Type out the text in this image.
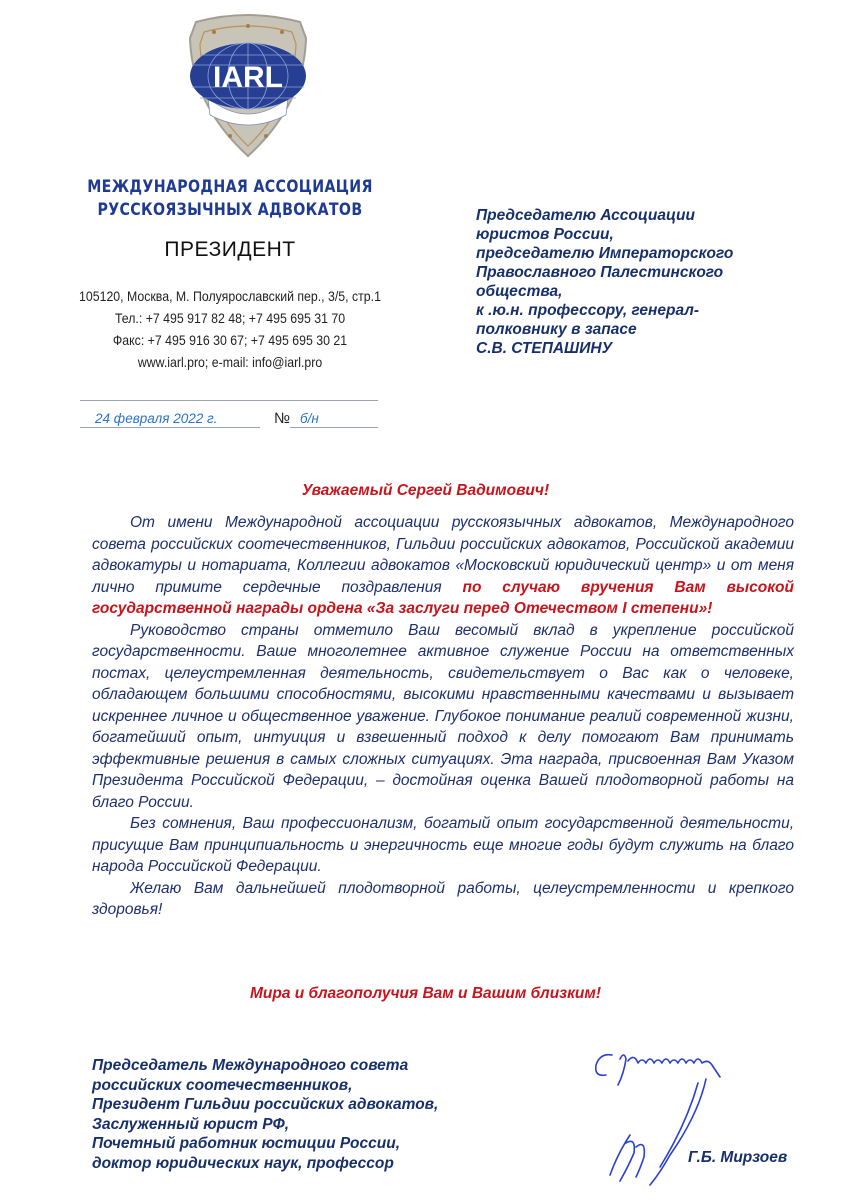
IARL
МЕЖДУНАРОДНАЯ АССОЦИАЦИЯ
РУССКОЯЗЫЧНЫХ АДВОКАТОВ
ПРЕЗИДЕНТ
105120, Москва, М. Полуярославский пер., 3/5, стр.1
Тел.: +7 495 917 82 48; +7 495 695 31 70
Факс: +7 495 916 30 67; +7 495 695 30 21
www.iarl.pro; e-mail: info@iarl.pro
24 февраля 2022 г.	№ б/н
Председателю Ассоциации
юристов России,
председателю Императорского
Православного Палестинского
общества,
к .ю.н. профессору, генерал-
полковнику в запасе
С.В. СТЕПАШИНУ
Уважаемый Сергей Вадимович!

От имени Международной ассоциации русскоязычных адвокатов, Международного совета российских соотечественников, Гильдии российских адвокатов, Российской академии адвокатуры и нотариата, Коллегии адвокатов «Московский юридический центр» и от меня лично примите сердечные поздравления по случаю вручения Вам высокой государственной награды ордена «За заслуги перед Отечеством I степени»!

Руководство страны отметило Ваш весомый вклад в укрепление российской государственности. Ваше многолетнее активное служение России на ответственных постах, целеустремленная деятельность, свидетельствует о Вас как о человеке, обладающем большими способностями, высокими нравственными качествами и вызывает искреннее личное и общественное уважение. Глубокое понимание реалий современной жизни, богатейший опыт, интуиция и взвешенный подход к делу помогают Вам принимать эффективные решения в самых сложных ситуациях. Эта награда, присвоенная Вам Указом Президента Российской Федерации, – достойная оценка Вашей плодотворной работы на благо России.

Без сомнения, Ваш профессионализм, богатый опыт государственной деятельности, присущие Вам принципиальность и энергичность еще многие годы будут служить на благо народа Российской Федерации.

Желаю Вам дальнейшей плодотворной работы, целеустремленности и крепкого здоровья!

Мира и благополучия Вам и Вашим близким!
Председатель Международного совета
российских соотечественников,
Президент Гильдии российских адвокатов,
Заслуженный юрист РФ,
Почетный работник юстиции России,
доктор юридических наук, профессор	Г.Б. Мирзоев
